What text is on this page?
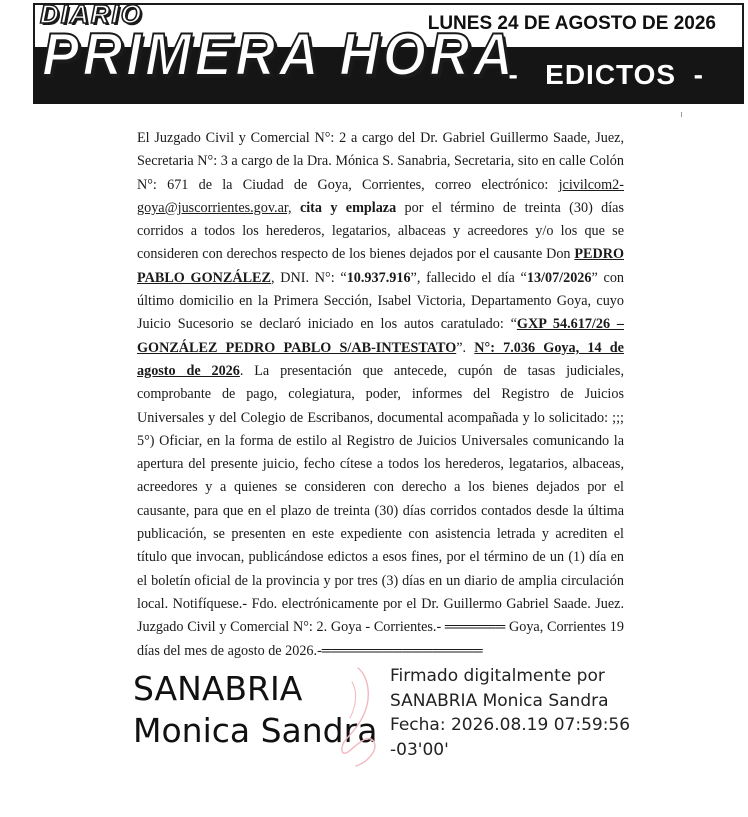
DIARIO
PRIMERA HORA
LUNES 24 DE AGOSTO DE 2026
-   EDICTOS  -

El Juzgado Civil y Comercial N°: 2 a cargo del Dr. Gabriel Guillermo Saade, Juez, Secretaria N°: 3 a cargo de la Dra. Mónica S. Sanabria, Secretaria, sito en calle Colón N°: 671 de la Ciudad de Goya, Corrientes, correo electrónico: jcivilcom2-goya@juscorrientes.gov.ar, cita y emplaza por el término de treinta (30) días corridos a todos los herederos, legatarios, albaceas y acreedores y/o los que se consideren con derechos respecto de los bienes dejados por el causante Don PEDRO PABLO GONZÁLEZ, DNI. N°: “10.937.916”, fallecido el día “13/07/2026” con último domicilio en la Primera Sección, Isabel Victoria, Departamento Goya, cuyo Juicio Sucesorio se declaró iniciado en los autos caratulado: “GXP 54.617/26 – GONZÁLEZ PEDRO PABLO S/AB-INTESTATO”. N°: 7.036 Goya, 14 de agosto de 2026. La presentación que antecede, cupón de tasas judiciales, comprobante de pago, colegiatura, poder, informes del Registro de Juicios Universales y del Colegio de Escribanos, documental acompañada y lo solicitado: ;;; 5°) Oficiar, en la forma de estilo al Registro de Juicios Universales comunicando la apertura del presente juicio, fecho cítese a todos los herederos, legatarios, albaceas, acreedores y a quienes se consideren con derecho a los bienes dejados por el causante, para que en el plazo de treinta (30) días corridos contados desde la última publicación, se presenten en este expediente con asistencia letrada y acrediten el título que invocan, publicándose edictos a esos fines, por el término de un (1) día en el boletín oficial de la provincia y por tres (3) días en un diario de amplia circulación local. Notifíquese.- Fdo. electrónicamente por el Dr. Guillermo Gabriel Saade. Juez. Juzgado Civil y Comercial N°: 2. Goya - Corrientes.- ══════ Goya, Corrientes 19 días del mes de agosto de 2026.-════════════════

SANABRIA
Monica Sandra
Firmado digitalmente por
SANABRIA Monica Sandra
Fecha: 2026.08.19 07:59:56
-03'00'
